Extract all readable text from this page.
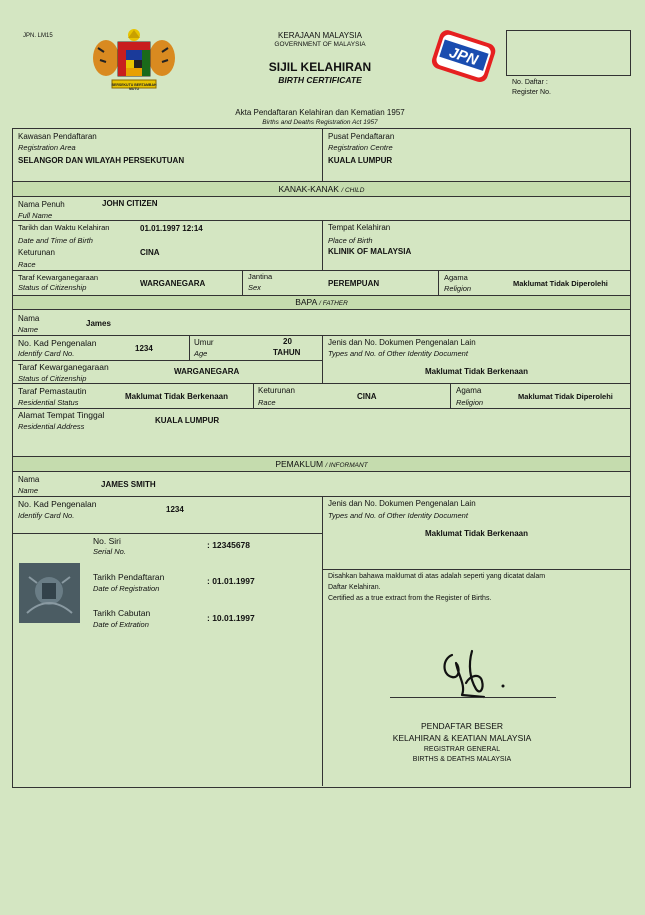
JPN. LM15
BERSEKUTU BERTAMBAH MUTU
KERAJAAN MALAYSIA
GOVERNMENT OF MALAYSIA
SIJIL KELAHIRAN
BIRTH CERTIFICATE
JPN
No. Daftar :
Register No.
Akta Pendaftaran Kelahiran dan Kematian 1957
Births and Deaths Registration Act 1957
Kawasan Pendaftaran
Registration Area
SELANGOR DAN WILAYAH PERSEKUTUAN
Pusat Pendaftaran
Registration Centre
KUALA LUMPUR
KANAK-KANAK / CHILD
Nama Penuh
Full Name
JOHN CITIZEN
Tarikh dan Waktu Kelahiran
Date and Time of Birth
01.01.1997 12:14
Keturunan
Race
CINA
Tempat Kelahiran
Place of Birth
KLINIK OF MALAYSIA
Taraf Kewarganegaraan
Status of Citizenship	WARGANEGARA
Jantina
Sex	PEREMPUAN
Agama
Religion
Maklumat Tidak Diperolehi
BAPA / FATHER
Nama
Name
James
No. Kad Pengenalan
Identify Card No.
1234
Umur
Age
20
TAHUN
Jenis dan No. Dokumen Pengenalan Lain
Types and No. of Other Identity Document
Maklumat Tidak Berkenaan
Taraf Kewarganegaraan
Status of Citizenship
WARGANEGARA
Taraf Pemastautin
Residential Status
Maklumat Tidak Berkenaan
Keturunan
Race
CINA
Agama
Religion
Maklumat Tidak Diperolehi
Alamat Tempat Tinggal
Residential Address
KUALA LUMPUR
PEMAKLUM / INFORMANT
Nama
Name
JAMES SMITH
No. Kad Pengenalan
Identify Card No.
1234
Jenis dan No. Dokumen Pengenalan Lain
Types and No. of Other Identity Document
Maklumat Tidak Berkenaan
No. Siri
Serial No.
: 12345678
Tarikh Pendaftaran
Date of Registration
: 01.01.1997
Tarikh Cabutan
Date of Extration
: 10.01.1997
Disahkan bahawa maklumat di atas adalah seperti yang dicatat dalam
Daftar Kelahiran.
Certified as a true extract from the Register of Births.
PENDAFTAR BESER
KELAHIRAN & KEATIAN MALAYSIA
REGISTRAR GENERAL
BIRTHS & DEATHS MALAYSIA
